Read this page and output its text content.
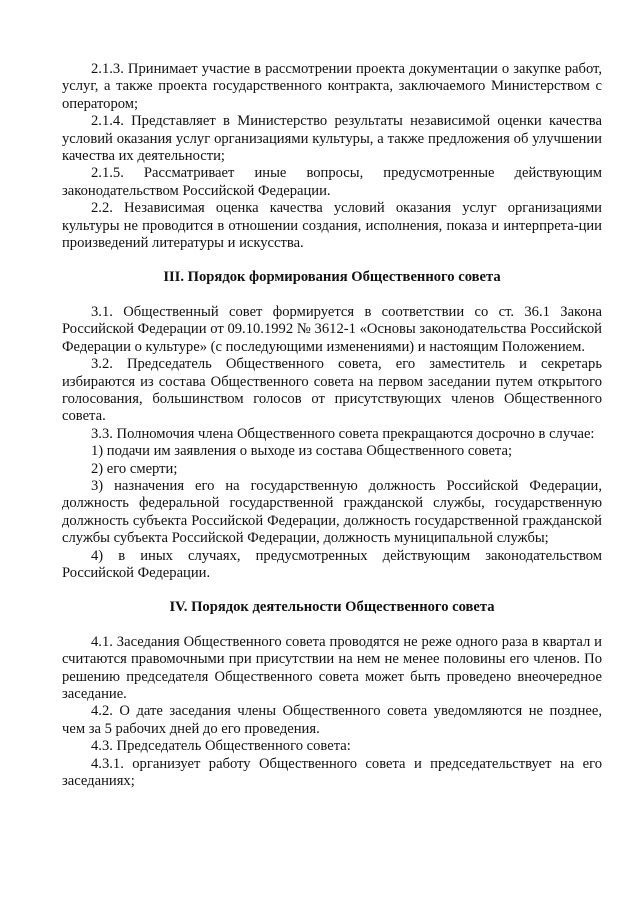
2.1.3. Принимает участие в рассмотрении проекта документации о закупке работ, услуг, а также проекта государственного контракта, заключаемого Министерством с оператором;

2.1.4. Представляет в Министерство результаты независимой оценки качества условий оказания услуг организациями культуры, а также предложения об улучшении качества их деятельности;

2.1.5. Рассматривает иные вопросы, предусмотренные действующим законодательством Российской Федерации.

2.2. Независимая оценка качества условий оказания услуг организациями культуры не проводится в отношении создания, исполнения, показа и интерпрета-ции произведений литературы и искусства.

III. Порядок формирования Общественного совета

3.1. Общественный совет формируется в соответствии со ст. 36.1 Закона Российской Федерации от 09.10.1992 № 3612-1 «Основы законодательства Российской Федерации о культуре» (с последующими изменениями) и настоящим Положением.

3.2. Председатель Общественного совета, его заместитель и секретарь избираются из состава Общественного совета на первом заседании путем открытого голосования, большинством голосов от присутствующих членов Общественного совета.

3.3. Полномочия члена Общественного совета прекращаются досрочно в случае:

1) подачи им заявления о выходе из состава Общественного совета;

2) его смерти;

3) назначения его на государственную должность Российской Федерации, должность федеральной государственной гражданской службы, государственную должность субъекта Российской Федерации, должность государственной гражданской службы субъекта Российской Федерации, должность муниципальной службы;

4) в иных случаях, предусмотренных действующим законодательством Российской Федерации.

IV. Порядок деятельности Общественного совета

4.1. Заседания Общественного совета проводятся не реже одного раза в квартал и считаются правомочными при присутствии на нем не менее половины его членов. По решению председателя Общественного совета может быть проведено внеочередное заседание.

4.2. О дате заседания члены Общественного совета уведомляются не позднее, чем за 5 рабочих дней до его проведения.

4.3. Председатель Общественного совета:

4.3.1. организует работу Общественного совета и председательствует на его заседаниях;
